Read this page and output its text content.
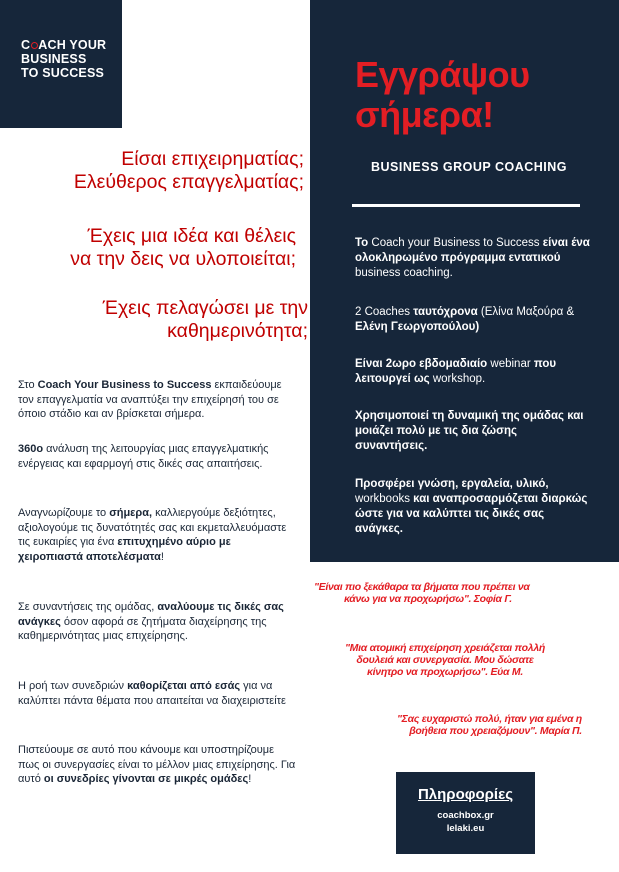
C ACH YOUR
BUSINESS
TO SUCCESS	Εγγράψου
σήμερα!
BUSINESS GROUP COACHING
Το Coach your Business to Success είναι ένα ολοκληρωμένο πρόγραμμα εντατικού business coaching.
2 Coaches ταυτόχρονα (Ελίνα Μαξούρα & Ελένη Γεωργοπούλου)
Είναι 2ωρο εβδομαδιαίο webinar που λειτουργεί ως workshop.
Χρησιμοποιεί τη δυναμική της ομάδας και μοιάζει πολύ με τις δια ζώσης συναντήσεις.
Προσφέρει γνώση, εργαλεία, υλικό, workbooks και αναπροσαρμόζεται διαρκώς ώστε για να καλύπτει τις δικές σας ανάγκες.
Είσαι επιχειρηματίας;
Ελεύθερος επαγγελματίας;
Έχεις μια ιδέα και θέλεις
να την δεις να υλοποιείται;
Έχεις πελαγώσει με την
καθημερινότητα;
Στο Coach Your Business to Success εκπαιδεύουμε τον επαγγελματία να αναπτύξει την επιχείρησή του σε όποιο στάδιο και αν βρίσκεται σήμερα.
360ο ανάλυση της λειτουργίας μιας επαγγελματικής ενέργειας και εφαρμογή στις δικές σας απαιτήσεις.
Αναγνωρίζουμε το σήμερα, καλλιεργούμε δεξιότητες, αξιολογούμε τις δυνατότητές σας και εκμεταλλευόμαστε τις ευκαιρίες για ένα επιτυχημένο αύριο με χειροπιαστά αποτελέσματα!
Σε συναντήσεις της ομάδας, αναλύουμε τις δικές σας ανάγκες όσον αφορά σε ζητήματα διαχείρησης της καθημερινότητας μιας επιχείρησης.
Η ροή των συνεδριών καθορίζεται από εσάς για να καλύπτει πάντα θέματα που απαιτείται να διαχειριστείτε
Πιστεύουμε σε αυτό που κάνουμε και υποστηρίζουμε πως οι συνεργασίες είναι το μέλλον μιας επιχείρησης. Για αυτό οι συνεδρίες γίνονται σε μικρές ομάδες!
"Είναι πιο ξεκάθαρα τα βήματα που πρέπει να
κάνω για να προχωρήσω". Σοφία Γ.
"Μια ατομική επιχείρηση χρειάζεται πολλή
δουλειά και συνεργασία. Μου δώσατε
κίνητρο να προχωρήσω". Εύα Μ.
"Σας ευχαριστώ πολύ, ήταν για εμένα η
βοήθεια που χρειαζόμουν". Μαρία Π.
Πληροφορίες
coachbox.gr
lelaki.eu
